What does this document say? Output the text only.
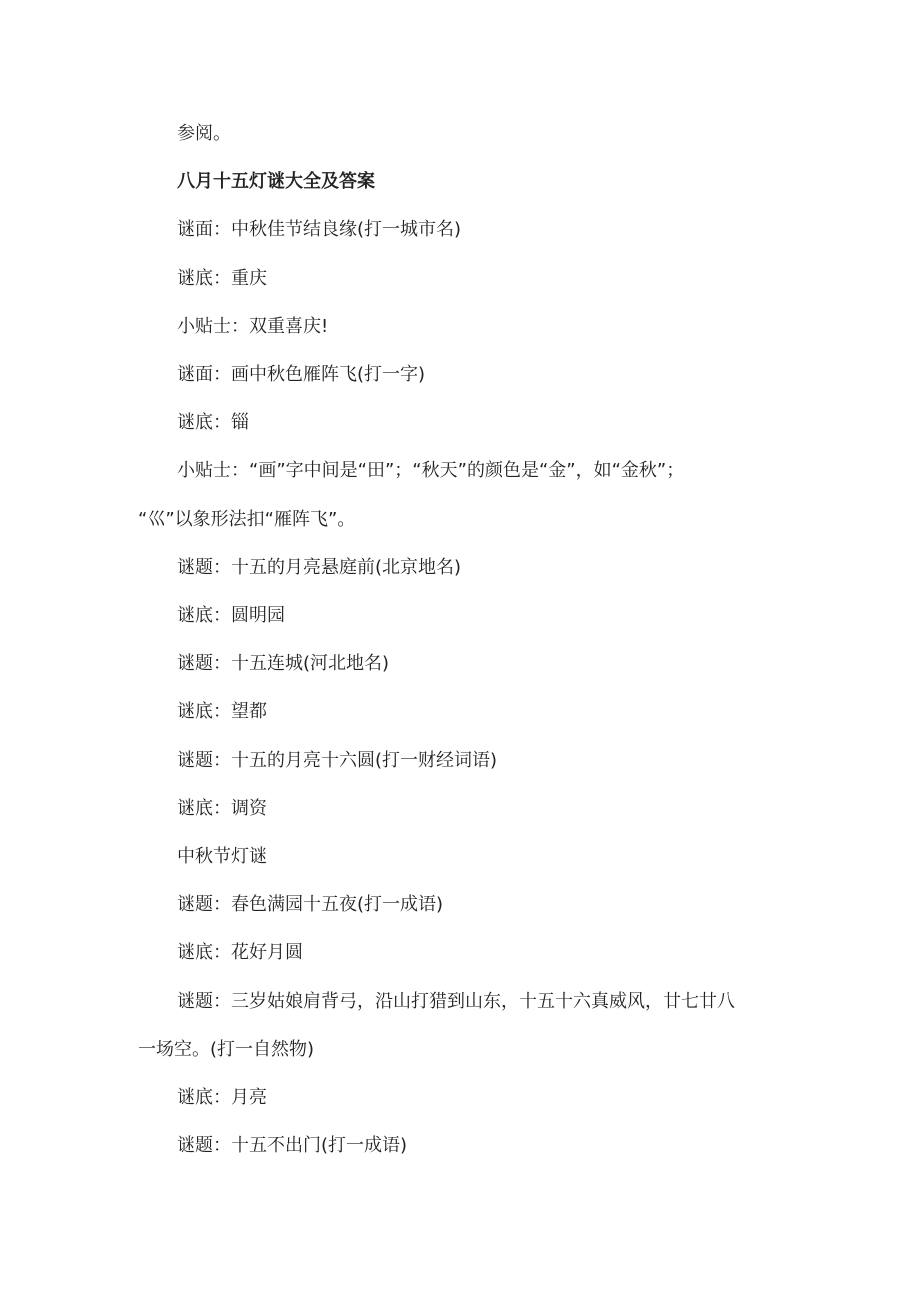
参阅。

八月十五灯谜大全及答案

谜面：中秋佳节结良缘(打一城市名)

谜底：重庆

小贴士：双重喜庆!

谜面：画中秋色雁阵飞(打一字)

谜底：锱

小贴士：“画”字中间是“田”；“秋天”的颜色是“金”，如“金秋”；

“巛”以象形法扣“雁阵飞”。

谜题：十五的月亮悬庭前(北京地名)

谜底：圆明园

谜题：十五连城(河北地名)

谜底：望都

谜题：十五的月亮十六圆(打一财经词语)

谜底：调资

中秋节灯谜

谜题：春色满园十五夜(打一成语)

谜底：花好月圆

谜题：三岁姑娘肩背弓，沿山打猎到山东，十五十六真威风，廿七廿八

一场空。(打一自然物)

谜底：月亮

谜题：十五不出门(打一成语)
